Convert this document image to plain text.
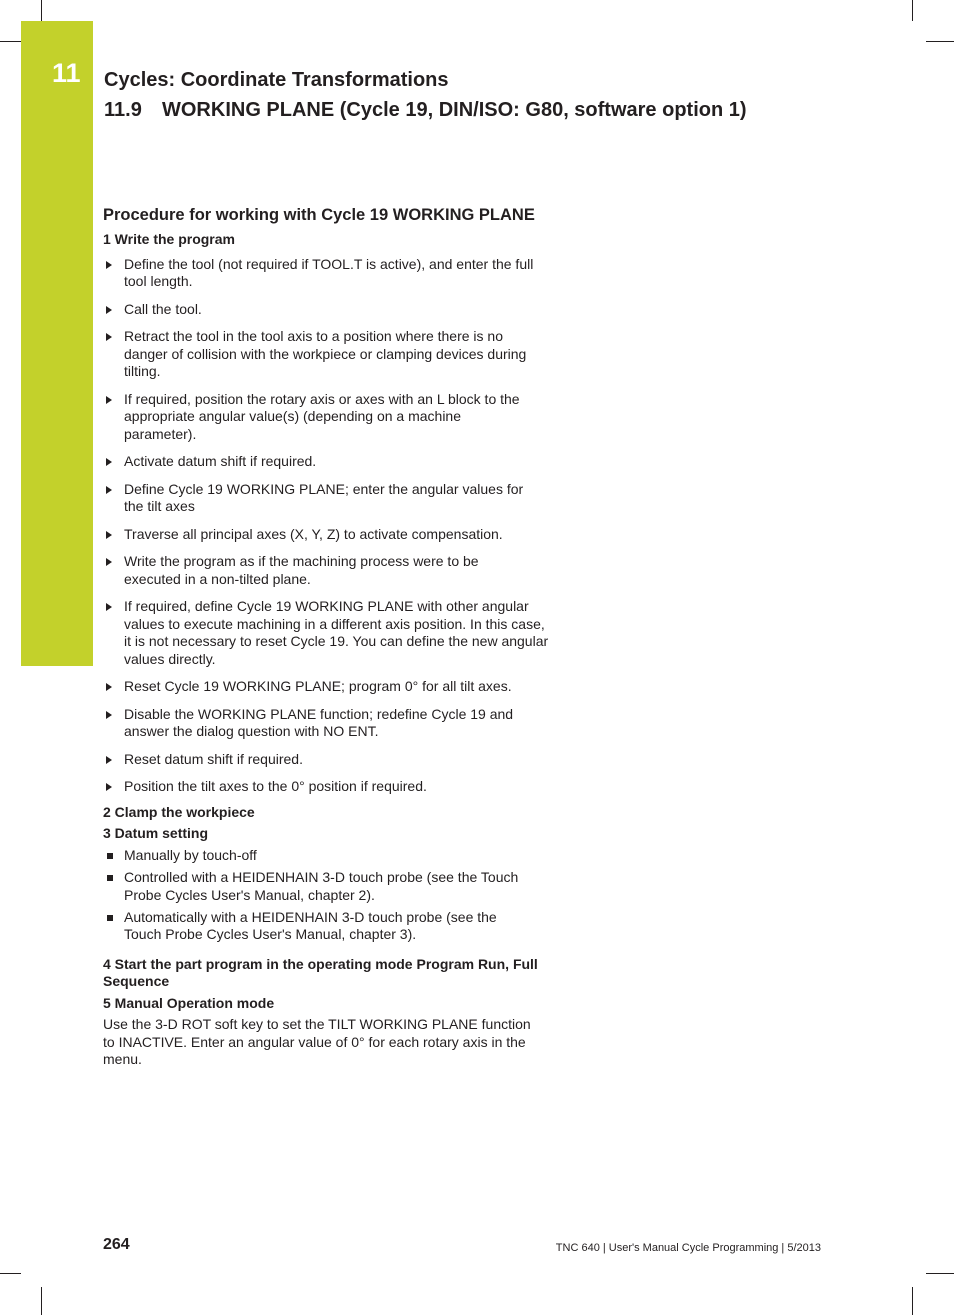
11 Cycles: Coordinate Transformations
11.9 WORKING PLANE (Cycle 19, DIN/ISO: G80, software option 1)
Procedure for working with Cycle 19 WORKING PLANE
1 Write the program
Define the tool (not required if TOOL.T is active), and enter the full tool length.
Call the tool.
Retract the tool in the tool axis to a position where there is no danger of collision with the workpiece or clamping devices during tilting.
If required, position the rotary axis or axes with an L block to the appropriate angular value(s) (depending on a machine parameter).
Activate datum shift if required.
Define Cycle 19 WORKING PLANE; enter the angular values for the tilt axes
Traverse all principal axes (X, Y, Z) to activate compensation.
Write the program as if the machining process were to be executed in a non-tilted plane.
If required, define Cycle 19 WORKING PLANE with other angular values to execute machining in a different axis position. In this case, it is not necessary to reset Cycle 19. You can define the new angular values directly.
Reset Cycle 19 WORKING PLANE; program 0° for all tilt axes.
Disable the WORKING PLANE function; redefine Cycle 19 and answer the dialog question with NO ENT.
Reset datum shift if required.
Position the tilt axes to the 0° position if required.
2 Clamp the workpiece
3 Datum setting
Manually by touch-off
Controlled with a HEIDENHAIN 3-D touch probe (see the Touch Probe Cycles User's Manual, chapter 2).
Automatically with a HEIDENHAIN 3-D touch probe (see the Touch Probe Cycles User's Manual, chapter 3).
4 Start the part program in the operating mode Program Run, Full Sequence
5 Manual Operation mode
Use the 3-D ROT soft key to set the TILT WORKING PLANE function to INACTIVE. Enter an angular value of 0° for each rotary axis in the menu.
264	TNC 640 | User's Manual Cycle Programming | 5/2013
